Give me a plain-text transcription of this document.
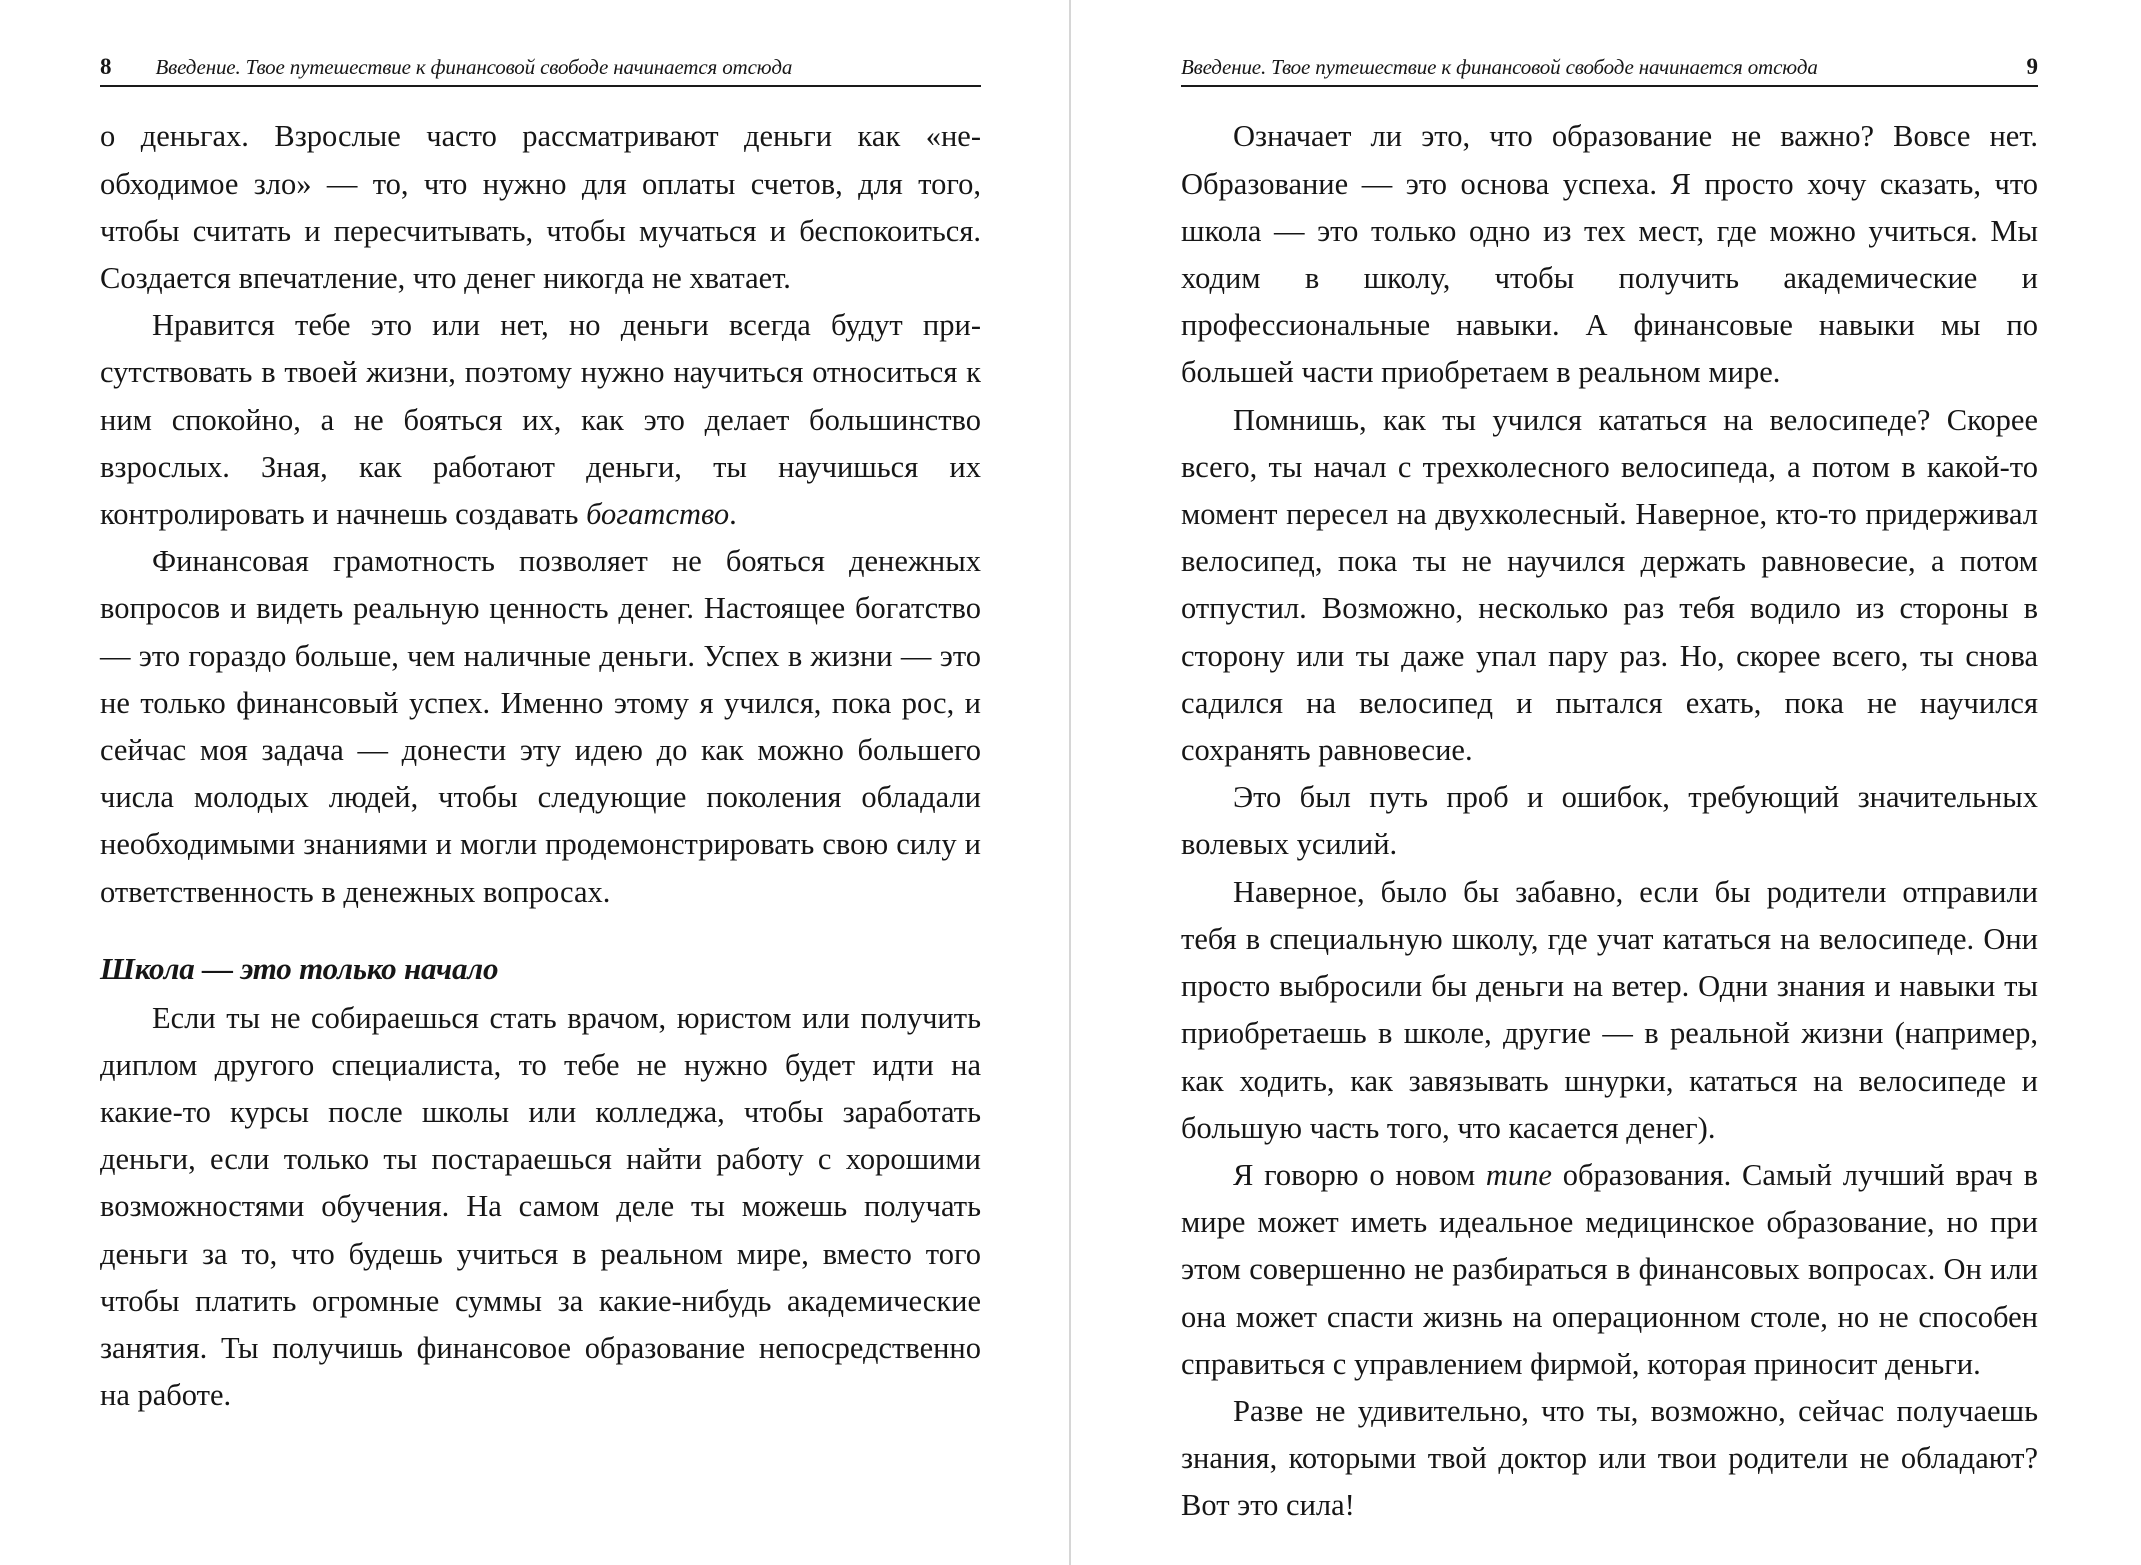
8 Введение. Твое путешествие к финансовой свободе начинается отсюда

о деньгах. Взрослые часто рассматривают деньги как «необходимое зло» — то, что нужно для оплаты счетов, для того, чтобы считать и пересчитывать, чтобы мучаться и беспокоиться. Создается впечатление, что денег никогда не хватает.

Нравится тебе это или нет, но деньги всегда будут присутствовать в твоей жизни, поэтому нужно научиться относиться к ним спокойно, а не бояться их, как это делает большинство взрослых. Зная, как работают деньги, ты научишься их контролировать и начнешь создавать богатство.

Финансовая грамотность позволяет не бояться денежных вопросов и видеть реальную ценность денег. Настоящее богатство — это гораздо больше, чем наличные деньги. Успех в жизни — это не только финансовый успех. Именно этому я учился, пока рос, и сейчас моя задача — донести эту идею до как можно большего числа молодых людей, чтобы следующие поколения обладали необходимыми знаниями и могли продемонстрировать свою силу и ответственность в денежных вопросах.

Школа — это только начало

Если ты не собираешься стать врачом, юристом или получить диплом другого специалиста, то тебе не нужно будет идти на какие-то курсы после школы или колледжа, чтобы заработать деньги, если только ты постараешься найти работу с хорошими возможностями обучения. На самом деле ты можешь получать деньги за то, что будешь учиться в реальном мире, вместо того чтобы платить огромные суммы за какие-нибудь академические занятия. Ты получишь финансовое образование непосредственно на работе.

Введение. Твое путешествие к финансовой свободе начинается отсюда	9

Означает ли это, что образование не важно? Вовсе нет. Образование — это основа успеха. Я просто хочу сказать, что школа — это только одно из тех мест, где можно учиться. Мы ходим в школу, чтобы получить академические и профессиональные навыки. А финансовые навыки мы по большей части приобретаем в реальном мире.

Помнишь, как ты учился кататься на велосипеде? Скорее всего, ты начал с трехколесного велосипеда, а потом в какой-то момент пересел на двухколесный. Наверное, кто-то придерживал велосипед, пока ты не научился держать равновесие, а потом отпустил. Возможно, несколько раз тебя водило из стороны в сторону или ты даже упал пару раз. Но, скорее всего, ты снова садился на велосипед и пытался ехать, пока не научился сохранять равновесие.

Это был путь проб и ошибок, требующий значительных волевых усилий.

Наверное, было бы забавно, если бы родители отправили тебя в специальную школу, где учат кататься на велосипеде. Они просто выбросили бы деньги на ветер. Одни знания и навыки ты приобретаешь в школе, другие — в реальной жизни (например, как ходить, как завязывать шнурки, кататься на велосипеде и большую часть того, что касается денег).

Я говорю о новом типе образования. Самый лучший врач в мире может иметь идеальное медицинское образование, но при этом совершенно не разбираться в финансовых вопросах. Он или она может спасти жизнь на операционном столе, но не способен справиться с управлением фирмой, которая приносит деньги.

Разве не удивительно, что ты, возможно, сейчас получаешь знания, которыми твой доктор или твои родители не обладают? Вот это сила!
